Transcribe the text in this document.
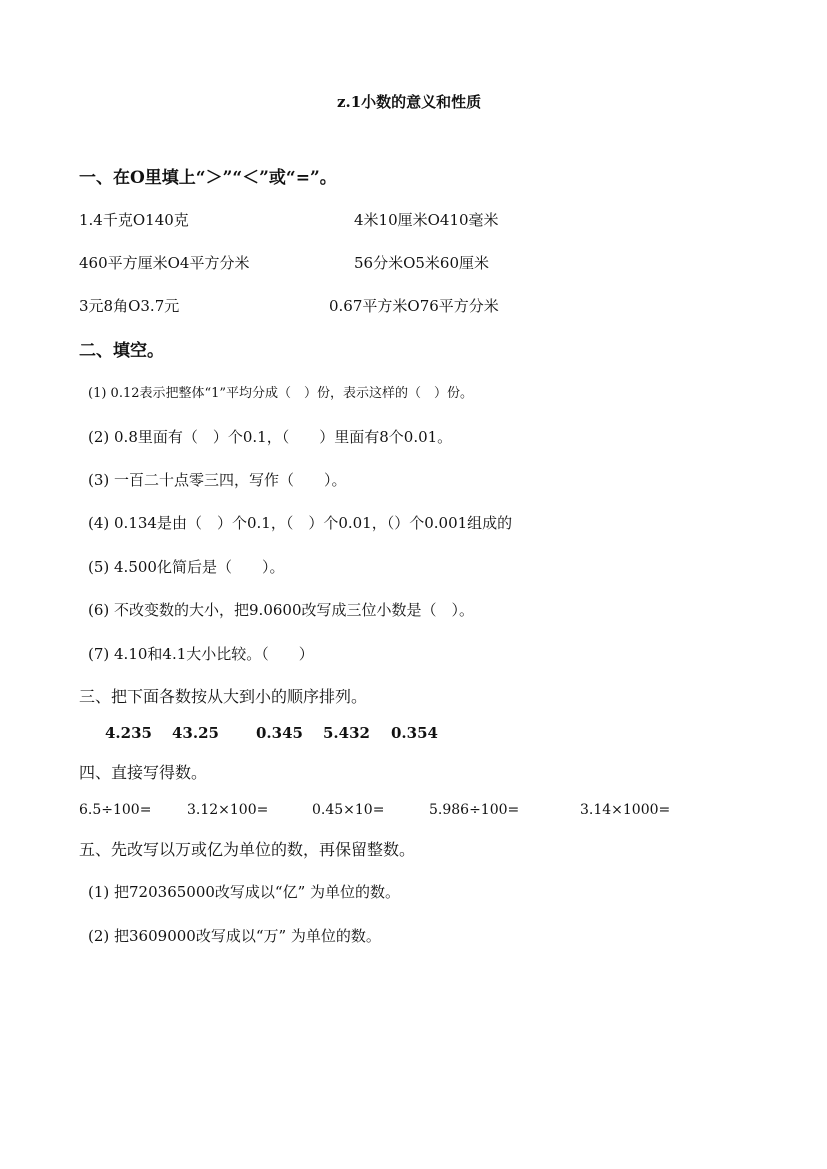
z.1小数的意义和性质
一、在O里填上“＞”“＜”或“=”。
1.4千克O140克	4米10厘米O410毫米
460平方厘米O4平方分米	56分米O5米60厘米
3元8角O3.7元	0.67平方米O76平方分米
二、填空。
(1) 0.12表示把整体“1”平均分成（　）份，表示这样的（　）份。
(2) 0.8里面有（　）个0.1，（　　）里面有8个0.01。
(3) 一百二十点零三四，写作（　　）。
(4) 0.134是由（　）个0.1，（　）个0.01，（）个0.001组成的
(5) 4.500化简后是（　　）。
(6) 不改变数的大小，把9.0600改写成三位小数是（　）。
(7) 4.10和4.1大小比较。（　　）
三、把下面各数按从大到小的顺序排列。
4.235 43.25 0.345 5.432 0.354
四、直接写得数。
6.5÷100=	3.12×100=	0.45×10=	5.986÷100=	3.14×1000=
五、先改写以万或亿为单位的数，再保留整数。
(1) 把720365000改写成以“亿” 为单位的数。
(2) 把3609000改写成以“万” 为单位的数。
